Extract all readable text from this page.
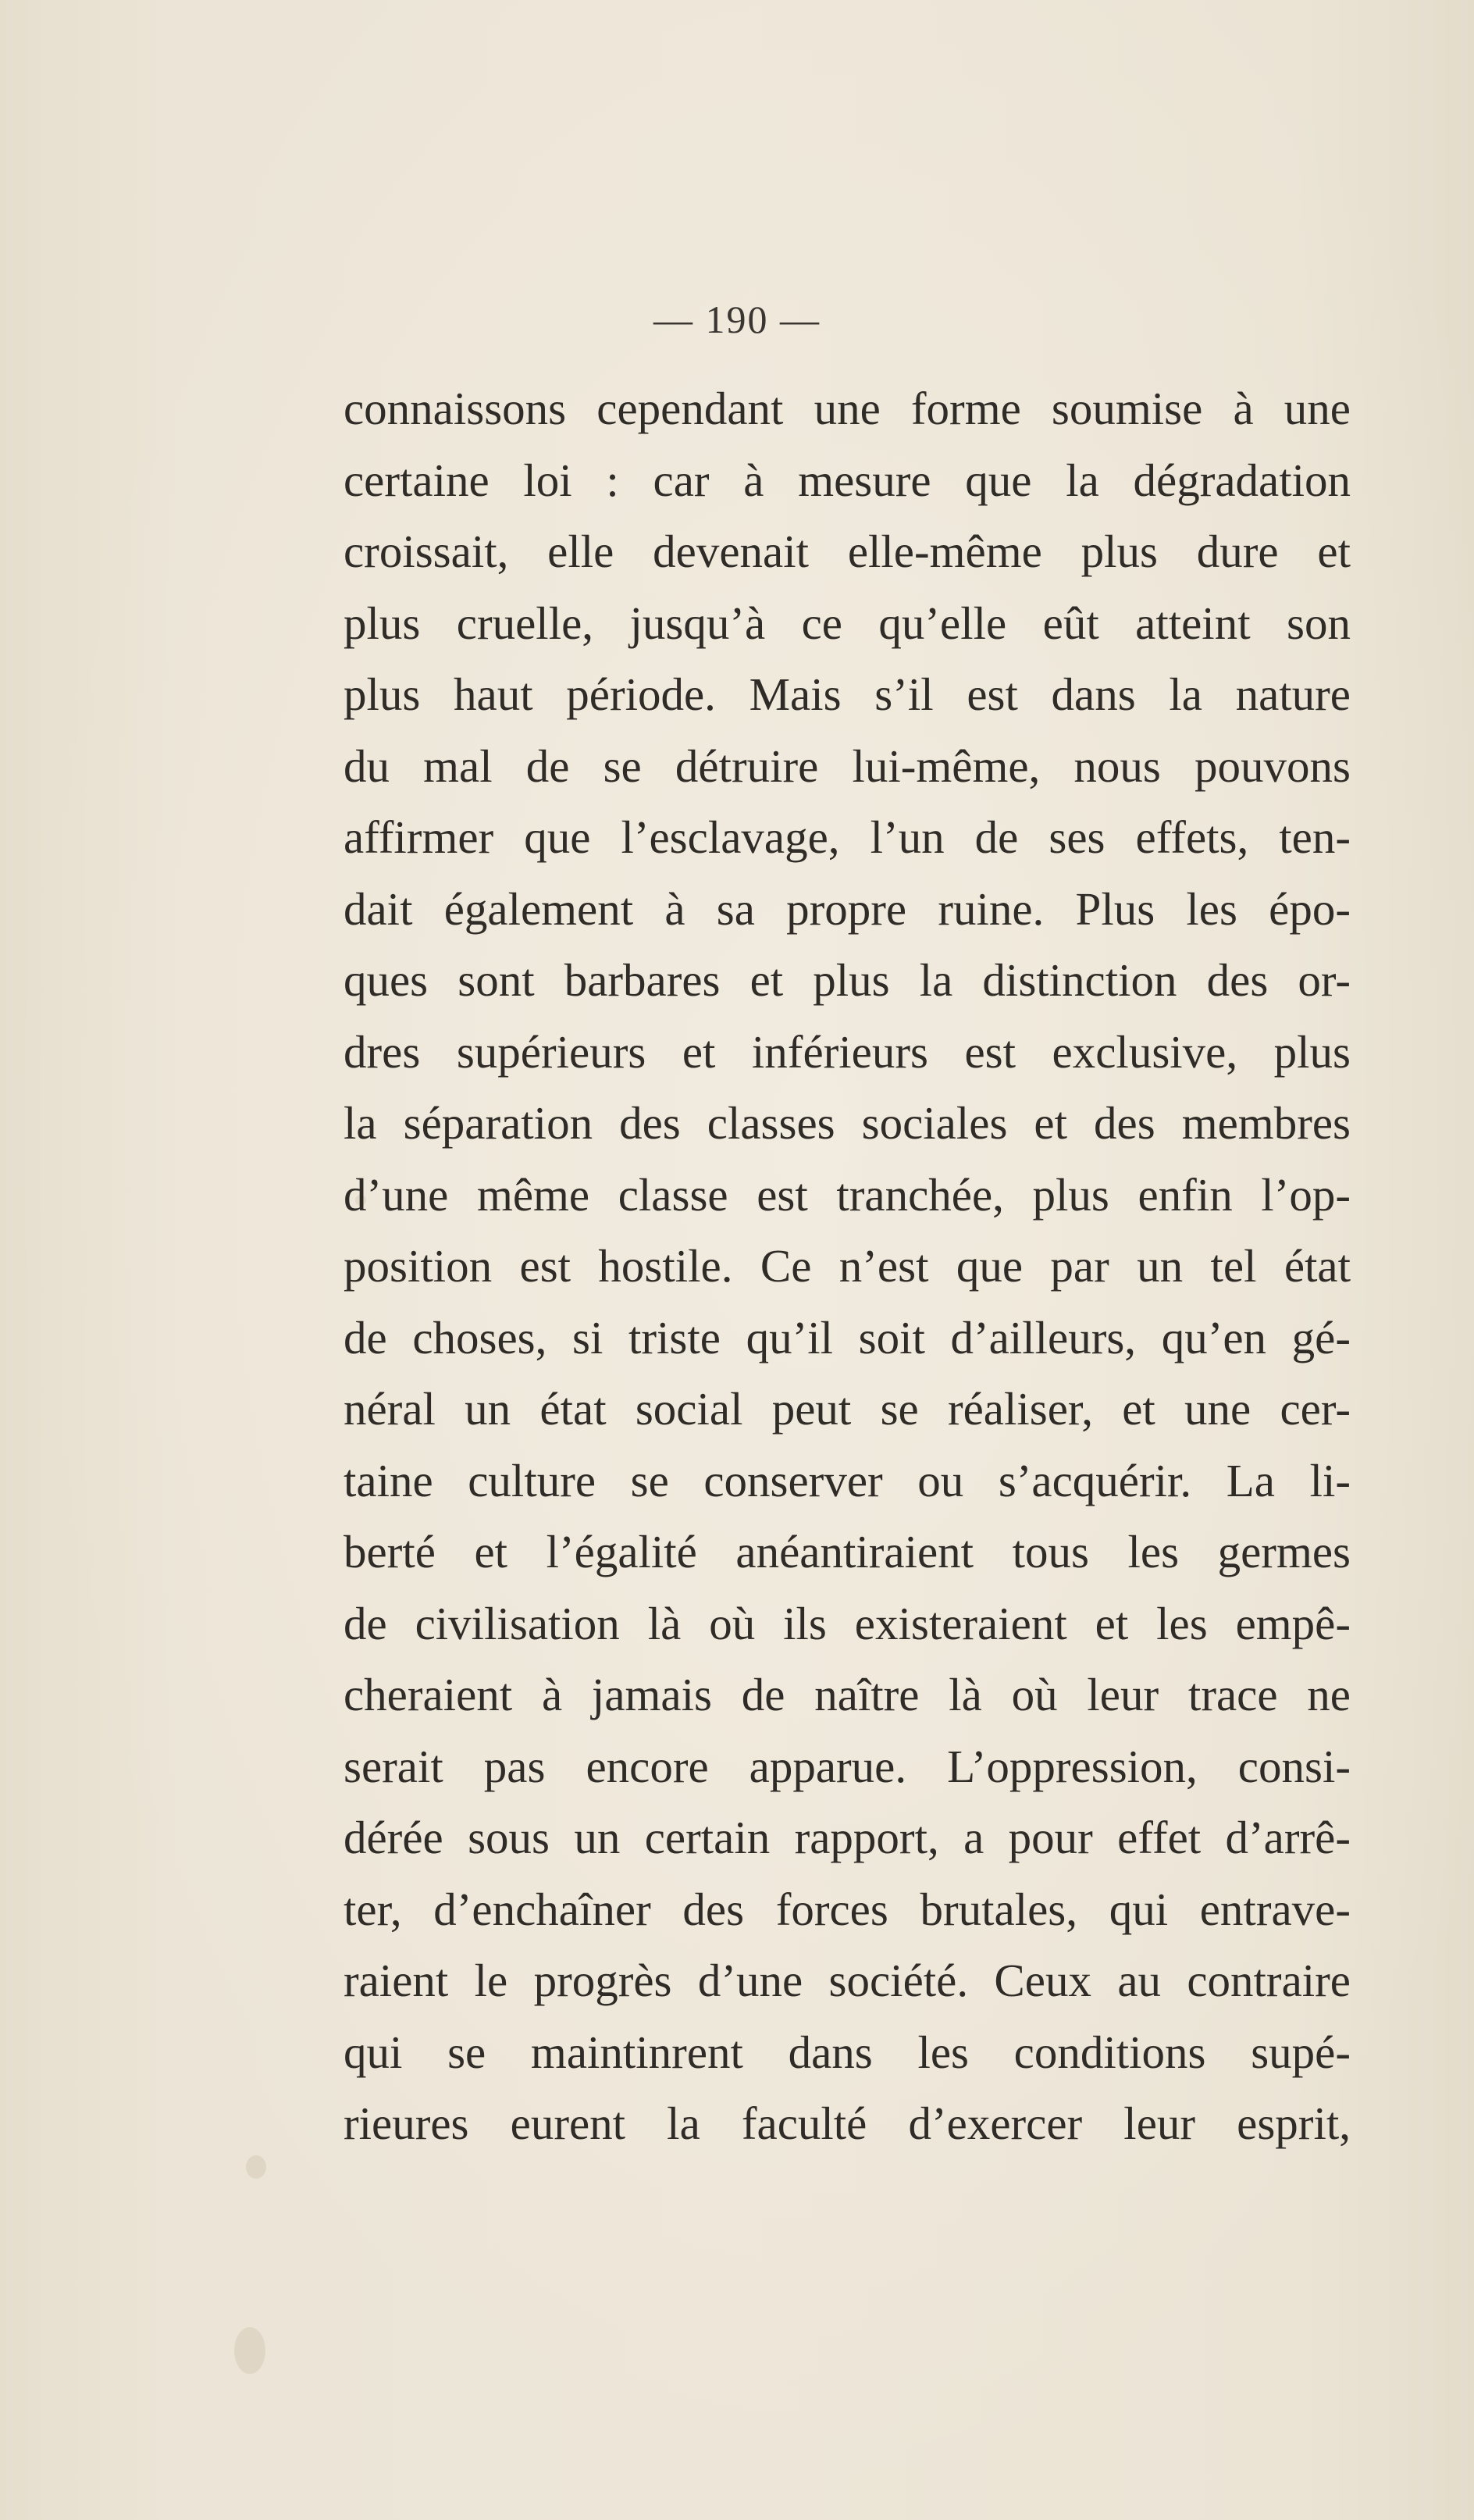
— 190 —
connaissons cependant une forme soumise à une
certaine loi : car à mesure que la dégradation
croissait, elle devenait elle-même plus dure et
plus cruelle, jusqu’à ce qu’elle eût atteint son
plus haut période. Mais s’il est dans la nature
du mal de se détruire lui-même, nous pouvons
affirmer que l’esclavage, l’un de ses effets, ten-
dait également à sa propre ruine. Plus les épo-
ques sont barbares et plus la distinction des or-
dres supérieurs et inférieurs est exclusive, plus
la séparation des classes sociales et des membres
d’une même classe est tranchée, plus enfin l’op-
position est hostile. Ce n’est que par un tel état
de choses, si triste qu’il soit d’ailleurs, qu’en gé-
néral un état social peut se réaliser, et une cer-
taine culture se conserver ou s’acquérir. La li-
berté et l’égalité anéantiraient tous les germes
de civilisation là où ils existeraient et les empê-
cheraient à jamais de naître là où leur trace ne
serait pas encore apparue. L’oppression, consi-
dérée sous un certain rapport, a pour effet d’arrê-
ter, d’enchaîner des forces brutales, qui entrave-
raient le progrès d’une société. Ceux au contraire
qui se maintinrent dans les conditions supé-
rieures eurent la faculté d’exercer leur esprit,
